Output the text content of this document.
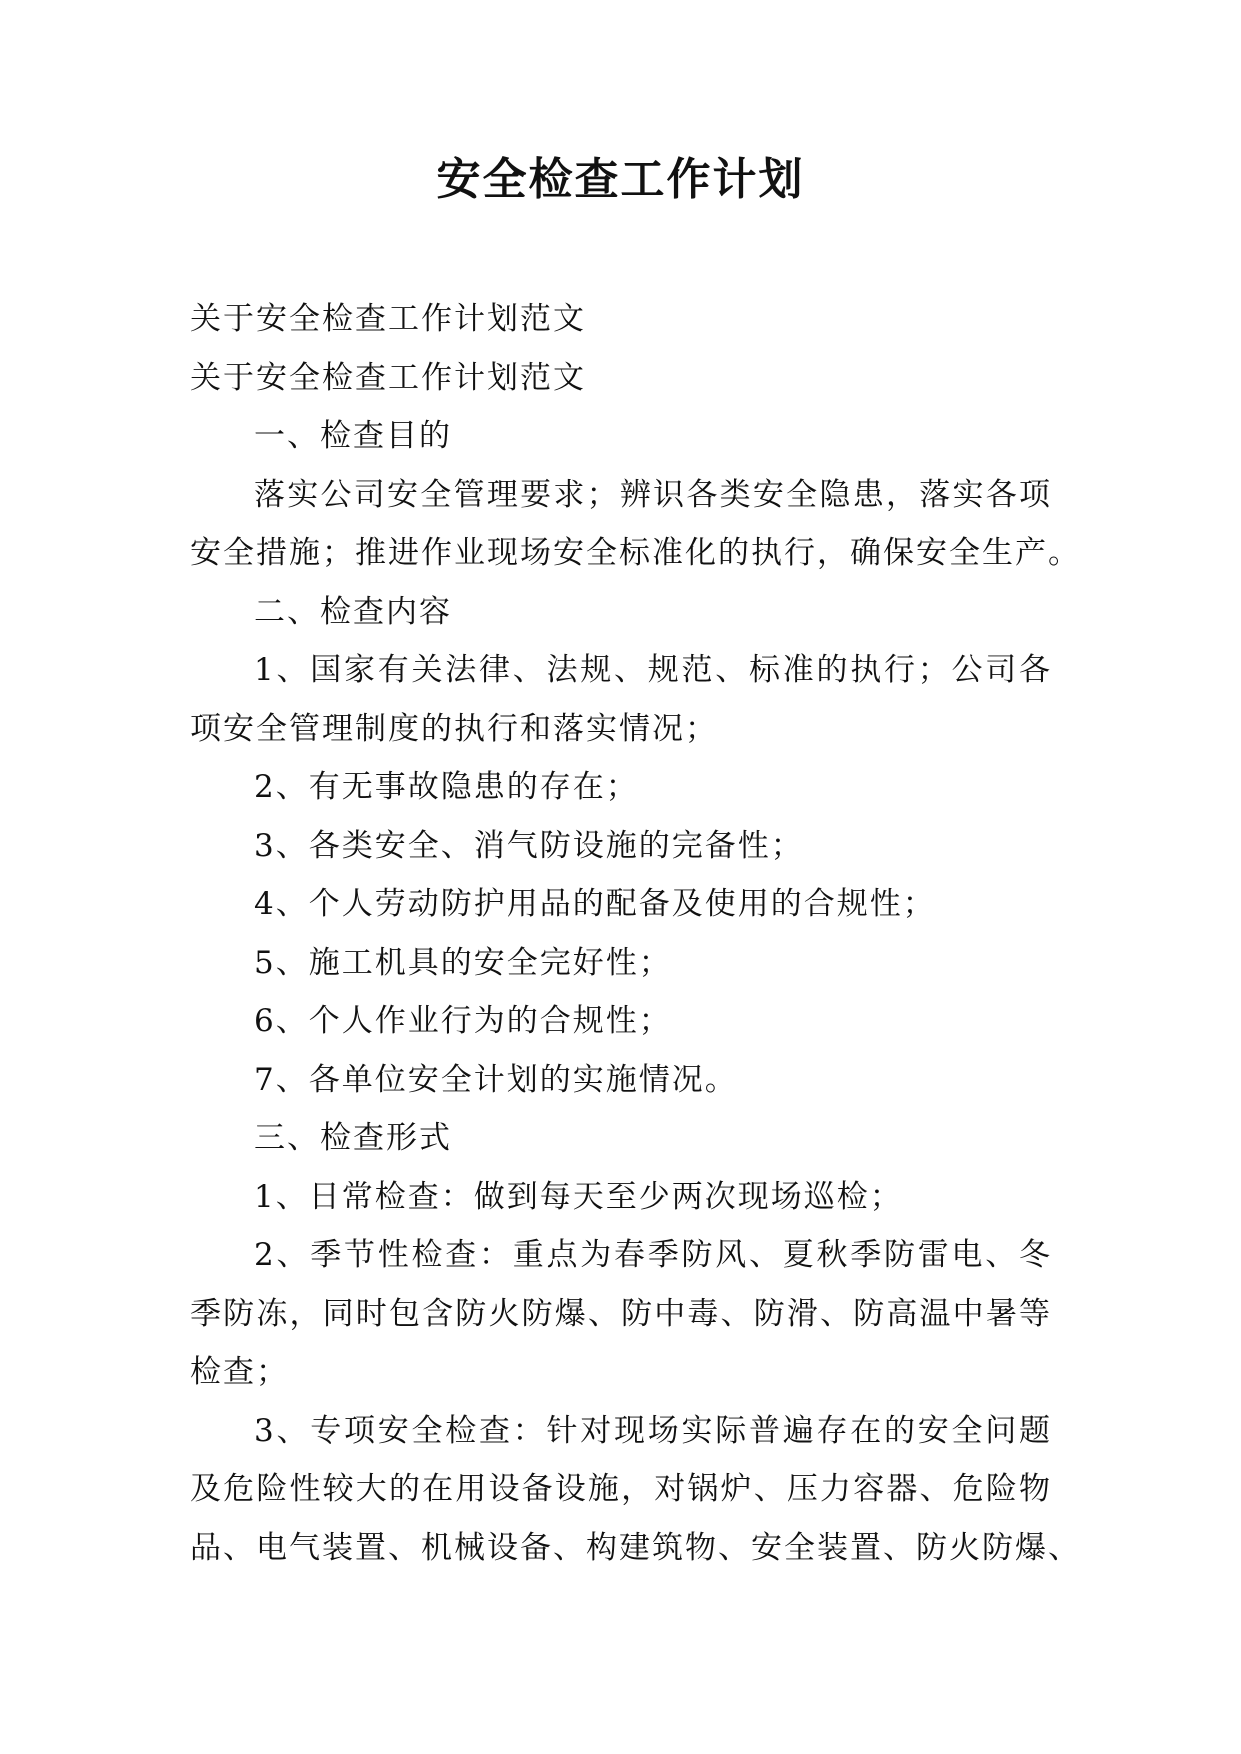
安全检查工作计划

关于安全检查工作计划范文

关于安全检查工作计划范文

一、检查目的

落实公司安全管理要求；辨识各类安全隐患，落实各项

安全措施；推进作业现场安全标准化的执行，确保安全生产。

二、检查内容

1、国家有关法律、法规、规范、标准的执行；公司各

项安全管理制度的执行和落实情况；

2、有无事故隐患的存在；

3、各类安全、消气防设施的完备性；

4、个人劳动防护用品的配备及使用的合规性；

5、施工机具的安全完好性；

6、个人作业行为的合规性；

7、各单位安全计划的实施情况。

三、检查形式

1、日常检查：做到每天至少两次现场巡检；

2、季节性检查：重点为春季防风、夏秋季防雷电、冬

季防冻，同时包含防火防爆、防中毒、防滑、防高温中暑等

检查；

3、专项安全检查：针对现场实际普遍存在的安全问题

及危险性较大的在用设备设施，对锅炉、压力容器、危险物

品、电气装置、机械设备、构建筑物、安全装置、防火防爆、
